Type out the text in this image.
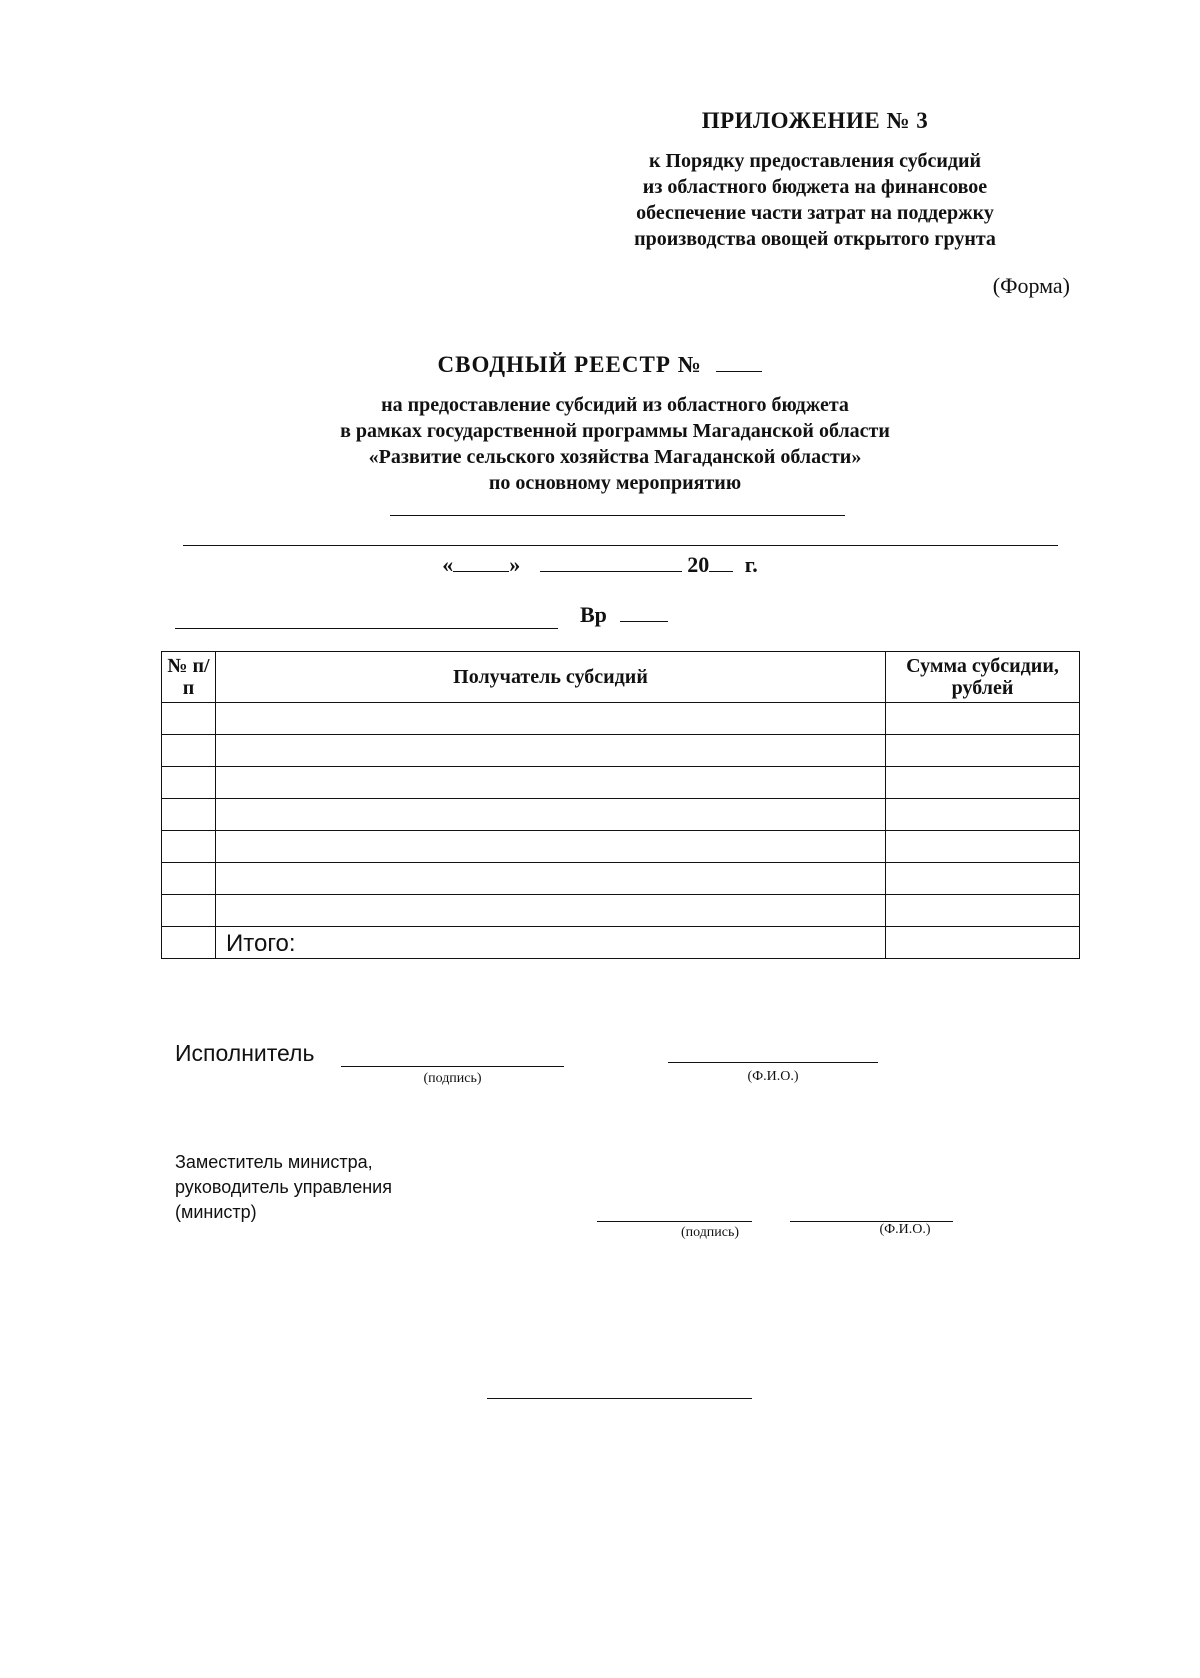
ПРИЛОЖЕНИЕ № 3
к Порядку предоставления субсидий
из областного бюджета на финансовое
обеспечение части затрат на поддержку
производства овощей открытого грунта
(Форма)
СВОДНЫЙ РЕЕСТР №
на предоставление субсидий из областного бюджета
в рамках государственной программы Магаданской области
«Развитие сельского хозяйства Магаданской области»
по основному мероприятию
«	»	20 г.
Вр
№ п/п	Получатель субсидий	Сумма субсидии, рублей

	Итого:	
Исполнитель
(подпись)	(Ф.И.О.)
Заместитель министра,
руководитель управления
(министр)
(подпись)	(Ф.И.О.)
